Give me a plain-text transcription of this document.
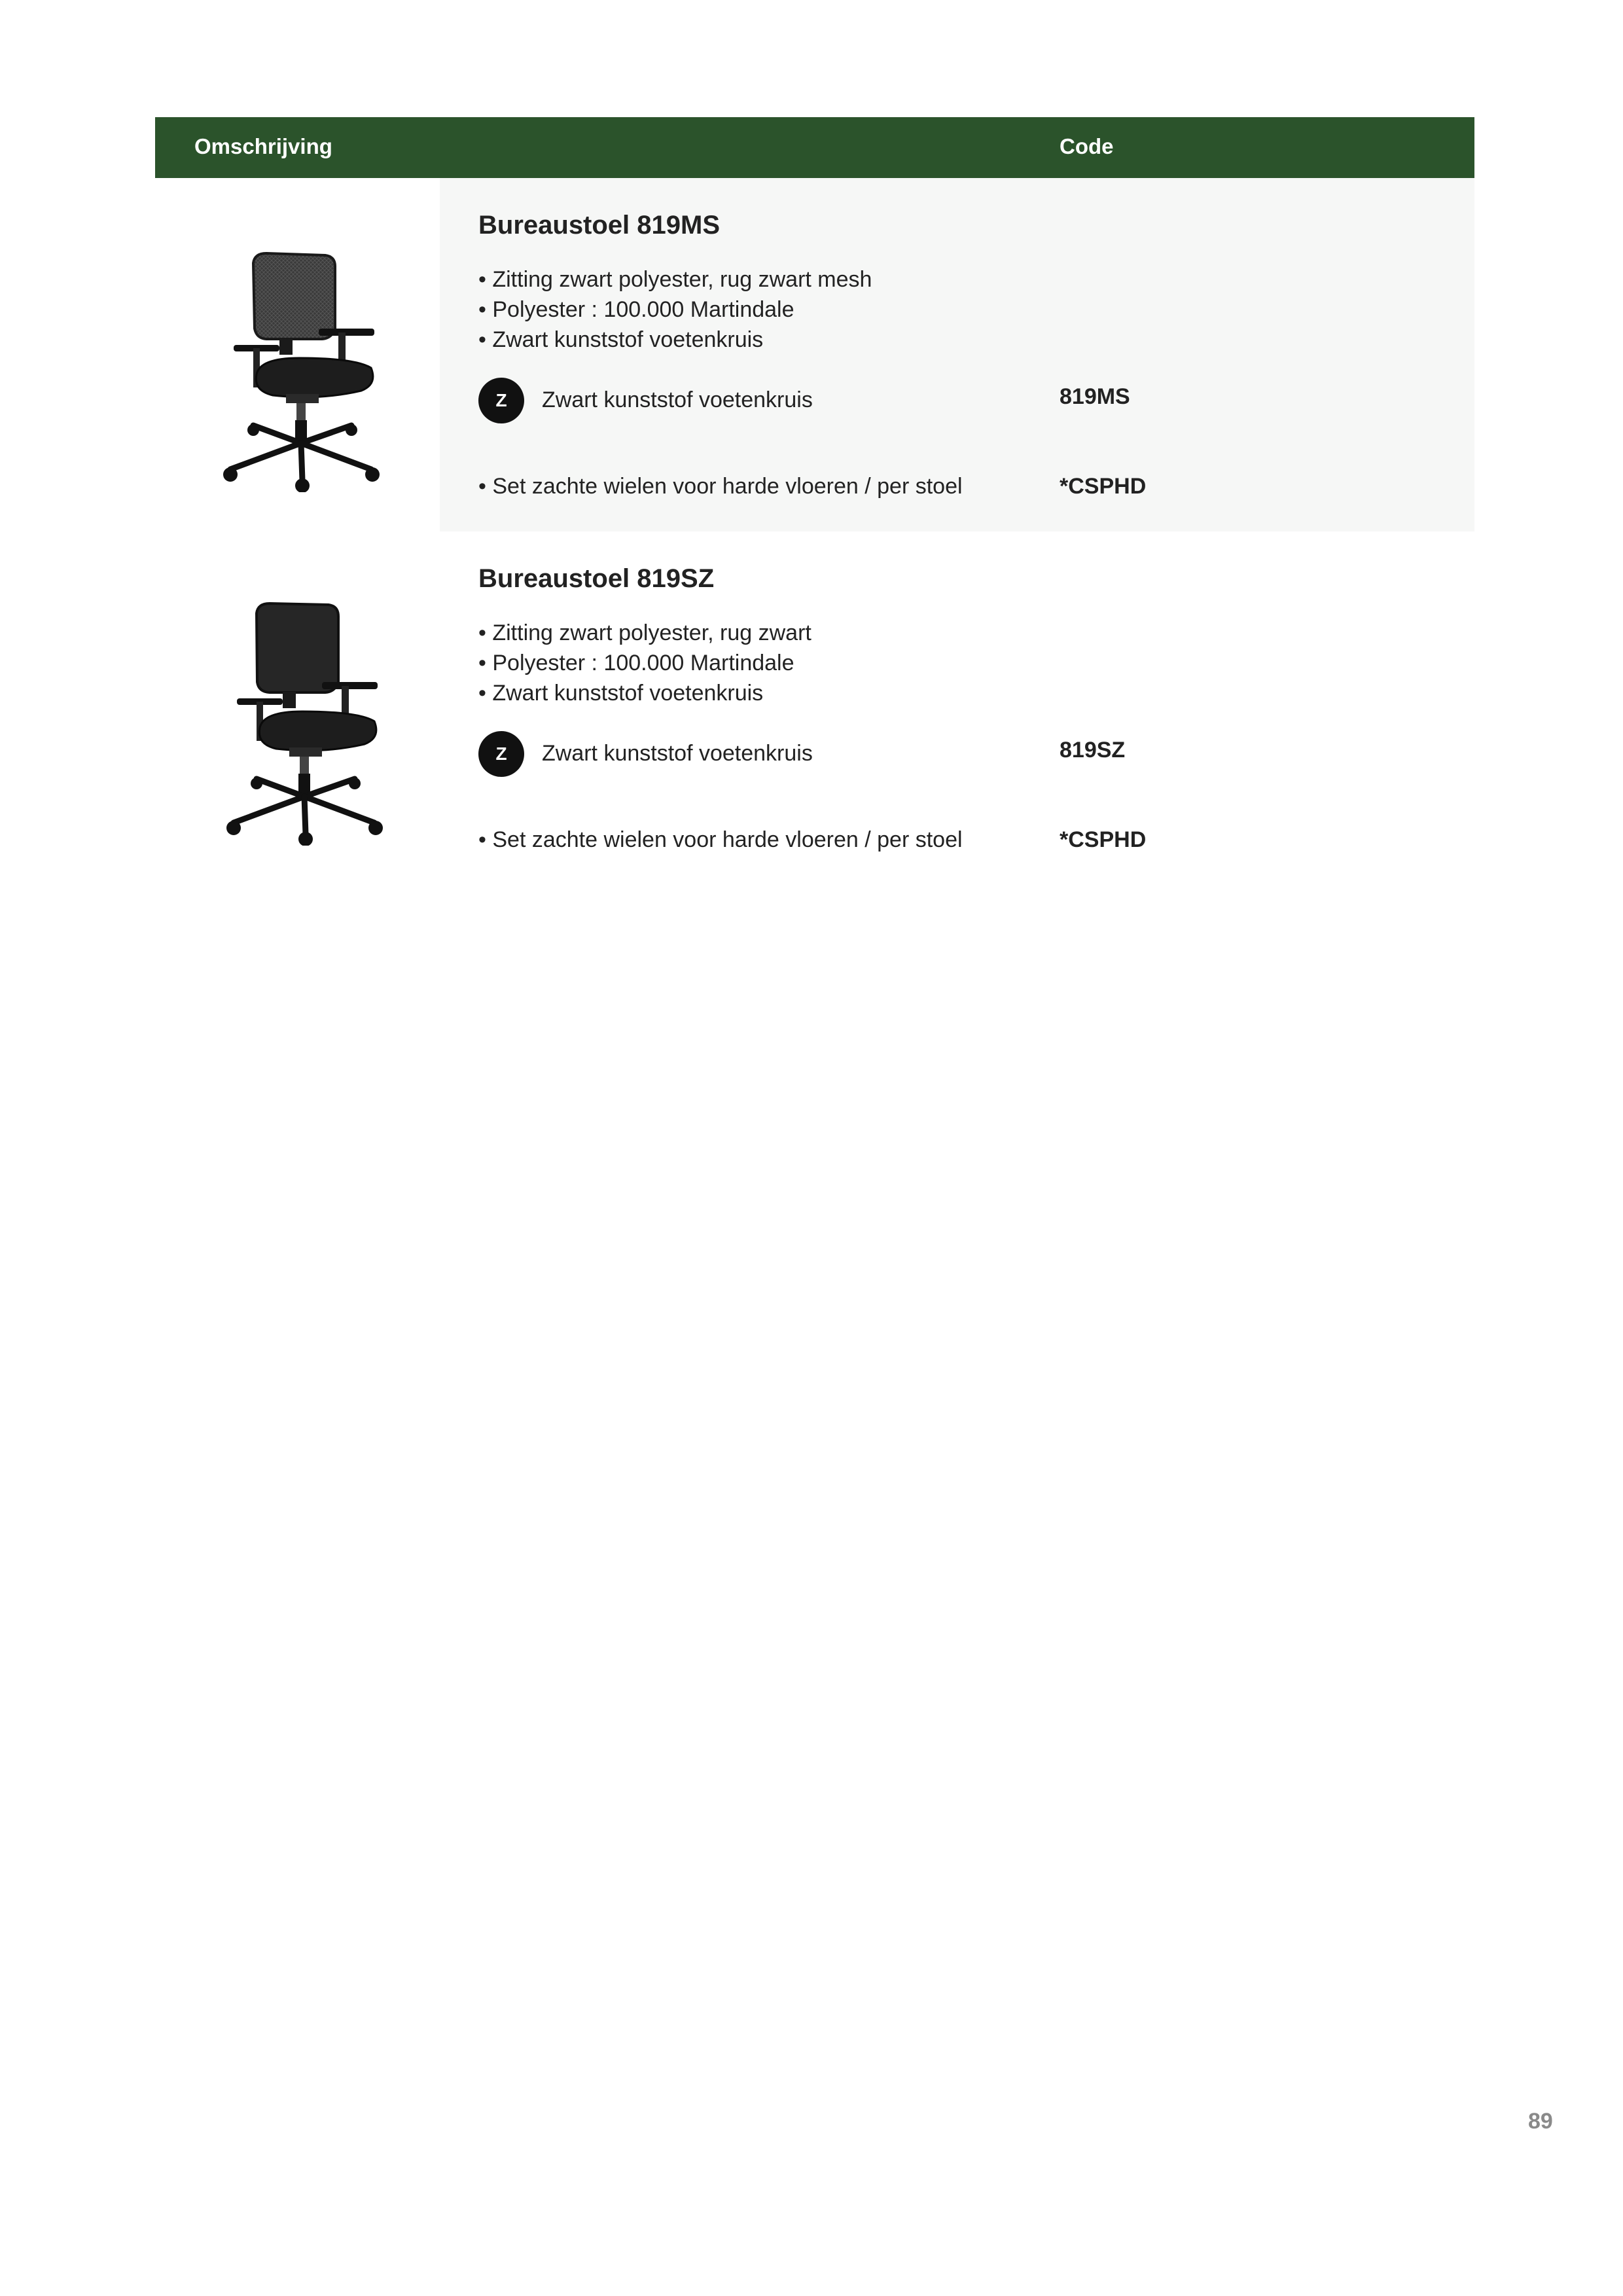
Omschrijving	Code
Bureaustoel 819MS
• Zitting zwart polyester, rug zwart mesh
• Polyester : 100.000 Martindale
• Zwart kunststof voetenkruis
Z	Zwart kunststof voetenkruis	819MS
• Set zachte wielen voor harde vloeren / per stoel	*CSPHD
Bureaustoel 819SZ
• Zitting zwart polyester, rug zwart
• Polyester : 100.000 Martindale
• Zwart kunststof voetenkruis
Z	Zwart kunststof voetenkruis	819SZ
• Set zachte wielen voor harde vloeren / per stoel	*CSPHD
89
